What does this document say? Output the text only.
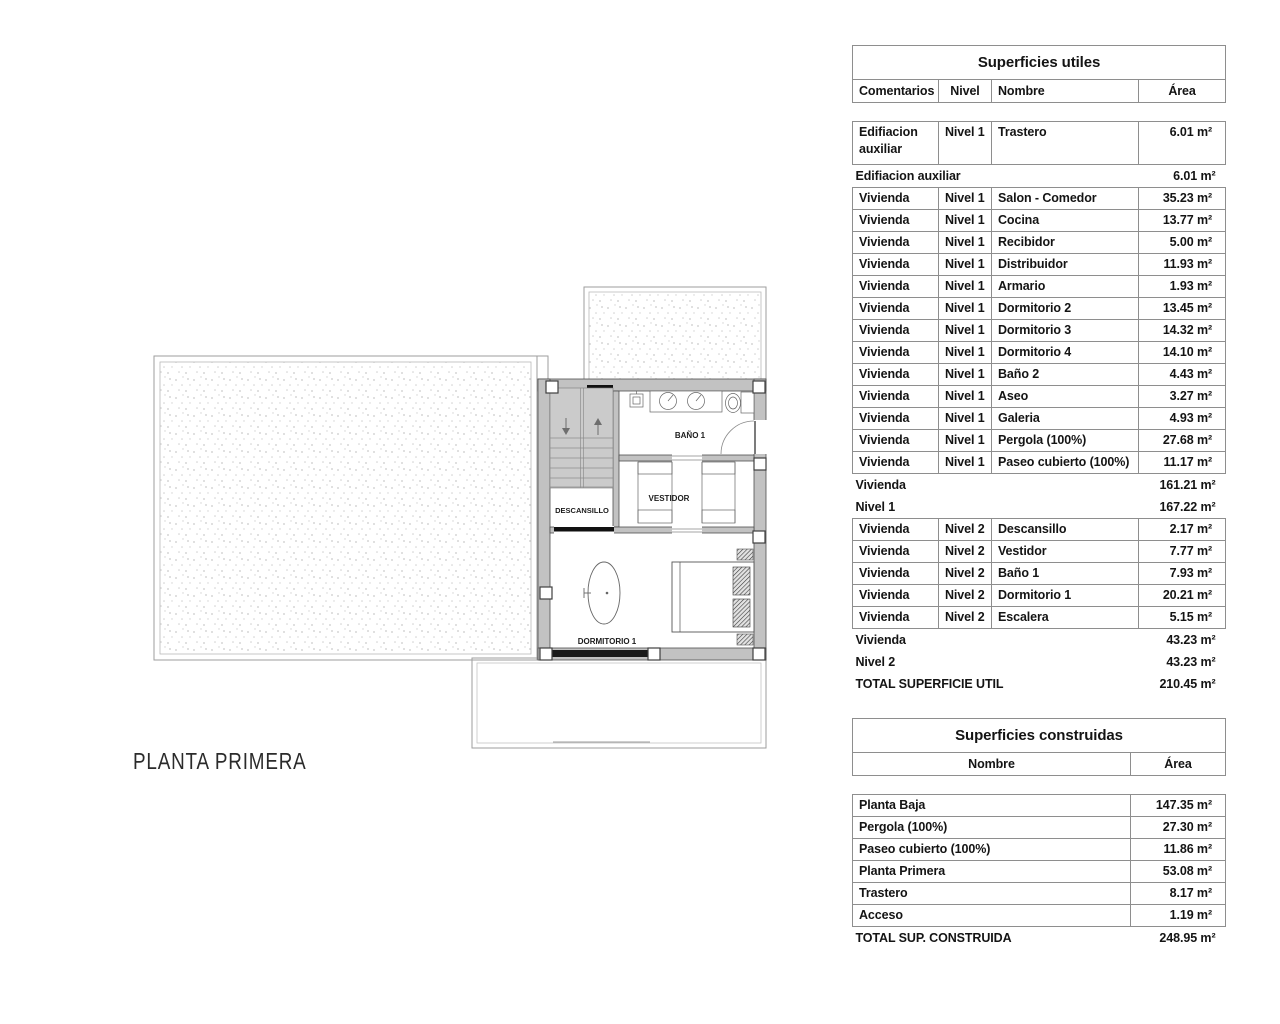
DESCANSILLO
BAÑO 1
VESTIDOR
DORMITORIO 1
PLANTA PRIMERA
Superficies utiles			
Comentarios	Nivel	Nombre	Área

Edifiacion auxiliar	Nivel 1	Trastero	6.01 m²
Edifiacion auxiliar			6.01 m²
Vivienda	Nivel 1	Salon - Comedor	35.23 m²
Vivienda	Nivel 1	Cocina	13.77 m²
Vivienda	Nivel 1	Recibidor	5.00 m²
Vivienda	Nivel 1	Distribuidor	11.93 m²
Vivienda	Nivel 1	Armario	1.93 m²
Vivienda	Nivel 1	Dormitorio 2	13.45 m²
Vivienda	Nivel 1	Dormitorio 3	14.32 m²
Vivienda	Nivel 1	Dormitorio 4	14.10 m²
Vivienda	Nivel 1	Baño 2	4.43 m²
Vivienda	Nivel 1	Aseo	3.27 m²
Vivienda	Nivel 1	Galeria	4.93 m²
Vivienda	Nivel 1	Pergola (100%)	27.68 m²
Vivienda	Nivel 1	Paseo cubierto (100%)	11.17 m²
Vivienda			161.21 m²
Nivel 1			167.22 m²
Vivienda	Nivel 2	Descansillo	2.17 m²
Vivienda	Nivel 2	Vestidor	7.77 m²
Vivienda	Nivel 2	Baño 1	7.93 m²
Vivienda	Nivel 2	Dormitorio 1	20.21 m²
Vivienda	Nivel 2	Escalera	5.15 m²
Vivienda			43.23 m²
Nivel 2			43.23 m²
TOTAL SUPERFICIE UTIL			210.45 m²
Superficies construidas	
Nombre	Área

Planta Baja	147.35 m²
Pergola (100%)	27.30 m²
Paseo cubierto (100%)	11.86 m²
Planta Primera	53.08 m²
Trastero	8.17 m²
Acceso	1.19 m²
TOTAL SUP. CONSTRUIDA	248.95 m²
